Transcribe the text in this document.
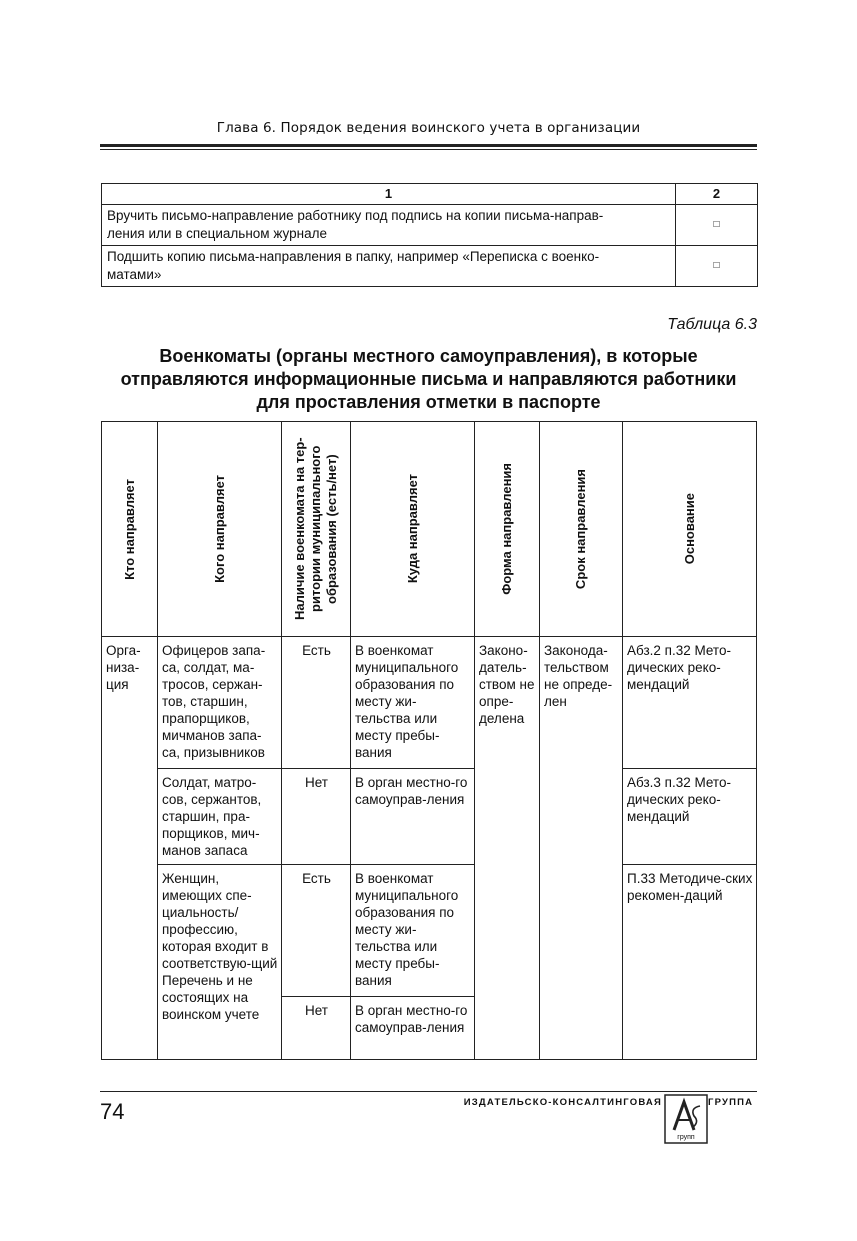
Глава 6. Порядок ведения воинского учета в организации
1	2
Вручить письмо-направление работнику под подпись на копии письма-направ-
ления или в специальном журнале	□
Подшить копию письма-направления в папку, например «Переписка с военко-
матами»	□
Таблица 6.3
Военкоматы (органы местного самоуправления), в которые
отправляются информационные письма и направляются работники
для проставления отметки в паспорте
Кто направляет	Кого направляет	Наличие военкомата на тер-
ритории муниципального
образования (есть/нет)	Куда направляет	Форма направления	Срок направления	Основание

Орга-низа-ция	Офицеров запа-са, солдат, ма-тросов, сержан-тов, старшин, прапорщиков, мичманов запа-са, призывников	Есть	В военкомат муниципального образования по месту жи-тельства или месту пребы-вания	Законо-датель-ством не опре-делена	Законода-тельством не опреде-лен	Абз.2 п.32 Мето-дических реко-мендаций
	Солдат, матро-сов, сержантов, старшин, пра-порщиков, мич-манов запаса	Нет	В орган местно-го самоуправ-ления			Абз.3 п.32 Мето-дических реко-мендаций
	Женщин, имеющих спе-циальность/ профессию, которая входит в соответствую-щий Перечень и не состоящих на воинском учете	Есть	В военкомат муниципального образования по месту жи-тельства или месту пребы-вания			П.33 Методиче-ских рекомен-даций
		Нет	В орган местно-го самоуправ-ления			
74	ИЗДАТЕЛЬСКО-КОНСАЛТИНГОВАЯ	ГРУППА
групп
